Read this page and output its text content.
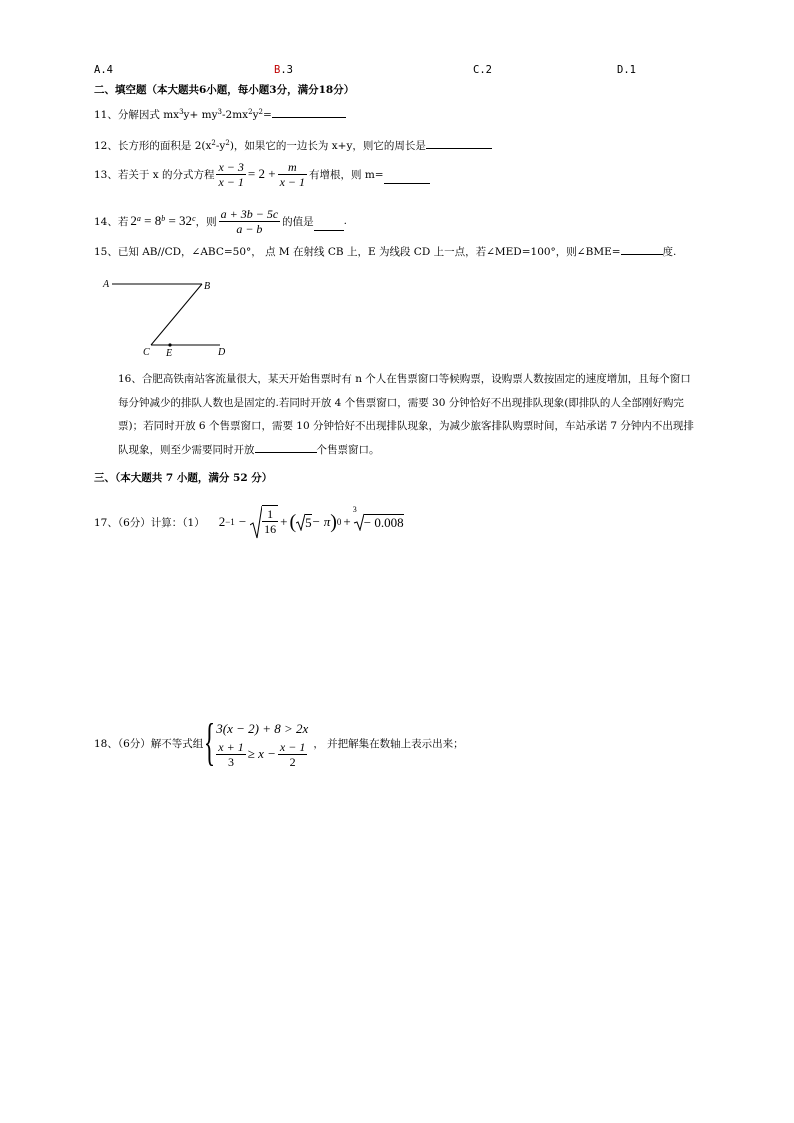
A.4	B.3	C.2	D.1
二、填空题（本大题共6小题，每小题3分，满分18分）
11、分解因式 $mx^3y+ my^3-2mx^2y^2=$
12、长方形的面积是 $2(x^2-y^2)$，如果它的一边长为 x+y，则它的周长是
13、若关于 x 的分式方程 $\frac{x - 3}{x - 1} = 2 + \frac{m}{x - 1}$ 有增根，则 m=
14、若 $2^a = 8^b = 32^c$ ，则 $\frac{a + 3b - 5c}{a - b}$ 的值是	.
15、已知 AB//CD，∠ABC=50°， 点 M 在射线 CB 上，E 为线段 CD 上一点，若∠MED=100°，则∠BME=	度.
A	B
C E	D
16、合肥高铁南站客流量很大，某天开始售票时有 n 个人在售票窗口等候购票，设购票人数按固定的速度增加，且每个窗口每分钟减少的排队人数也是固定的.若同时开放 4 个售票窗口，需要 30 分钟恰好不出现排队现象(即排队的人全部刚好购完票)；若同时开放 6 个售票窗口，需要 10 分钟恰好不出现排队现象，为减少旅客排队购票时间，车站承诺 7 分钟内不出现排队现象，则至少需要同时开放	个售票窗口。
三、（本大题共 7 小题，满分 52 分）
17、（6分）计算：（1） $2 -1 - \frac{1}{16}$ + ( 5 − π ) 0 +
3
− 0.008
18、（6分）解不等式组 { 3(x − 2) + 8 > 2x
$\frac{x + 1}{3} \ge x - \frac{x - 1}{2}$ ， 并把解集在数轴上表示出来；
